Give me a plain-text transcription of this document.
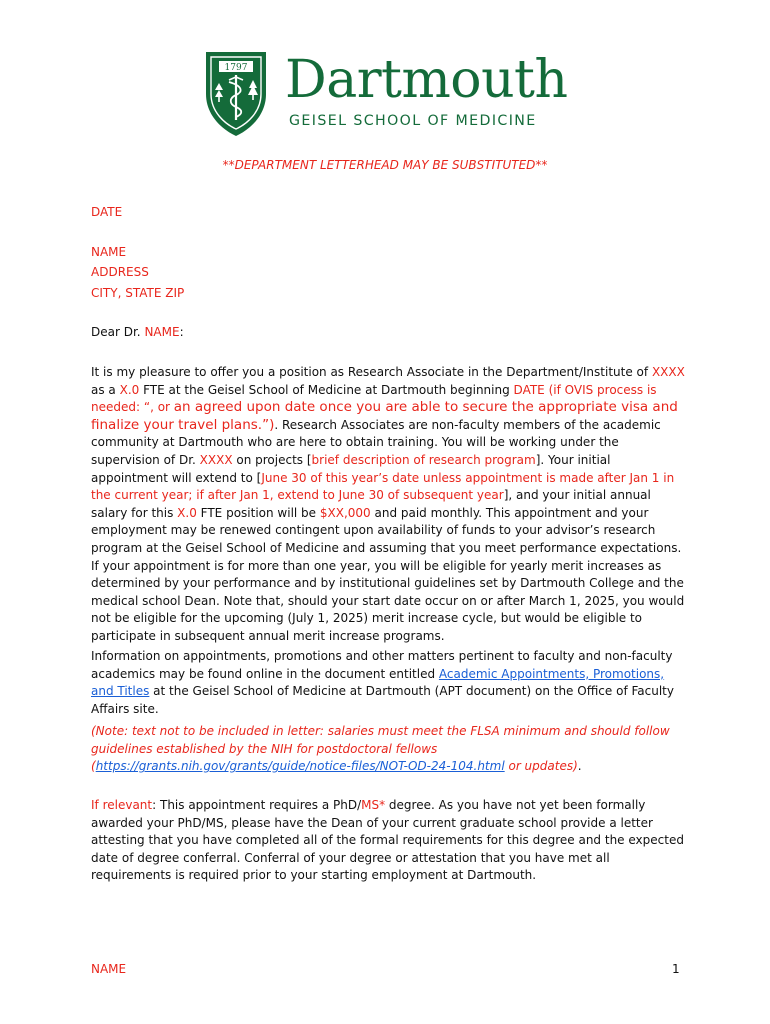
1797 Dartmouth
GEISEL SCHOOL OF MEDICINE
**DEPARTMENT LETTERHEAD MAY BE SUBSTITUTED**
DATE
NAME
ADDRESS
CITY, STATE ZIP
Dear Dr. NAME:

It is my pleasure to offer you a position as Research Associate in the Department/Institute of XXXX as a X.0 FTE at the Geisel School of Medicine at Dartmouth beginning DATE (if OVIS process is needed: “, or an agreed upon date once you are able to secure the appropriate visa and finalize your travel plans.”). Research Associates are non-faculty members of the academic community at Dartmouth who are here to obtain training. You will be working under the supervision of Dr. XXXX on projects [brief description of research program]. Your initial appointment will extend to [June 30 of this year’s date unless appointment is made after Jan 1 in the current year; if after Jan 1, extend to June 30 of subsequent year], and your initial annual salary for this X.0 FTE position will be $XX,000 and paid monthly. This appointment and your employment may be renewed contingent upon availability of funds to your advisor’s research program at the Geisel School of Medicine and assuming that you meet performance expectations. If your appointment is for more than one year, you will be eligible for yearly merit increases as determined by your performance and by institutional guidelines set by Dartmouth College and the medical school Dean. Note that, should your start date occur on or after March 1, 2025, you would not be eligible for the upcoming (July 1, 2025) merit increase cycle, but would be eligible to participate in subsequent annual merit increase programs.

Information on appointments, promotions and other matters pertinent to faculty and non-faculty academics may be found online in the document entitled Academic Appointments, Promotions, and Titles at the Geisel School of Medicine at Dartmouth (APT document) on the Office of Faculty Affairs site.

(Note: text not to be included in letter: salaries must meet the FLSA minimum and should follow guidelines established by the NIH for postdoctoral fellows (https://grants.nih.gov/grants/guide/notice-files/NOT-OD-24-104.html or updates).

If relevant: This appointment requires a PhD/MS* degree. As you have not yet been formally awarded your PhD/MS, please have the Dean of your current graduate school provide a letter attesting that you have completed all of the formal requirements for this degree and the expected date of degree conferral. Conferral of your degree or attestation that you have met all requirements is required prior to your starting employment at Dartmouth.

NAME	1
